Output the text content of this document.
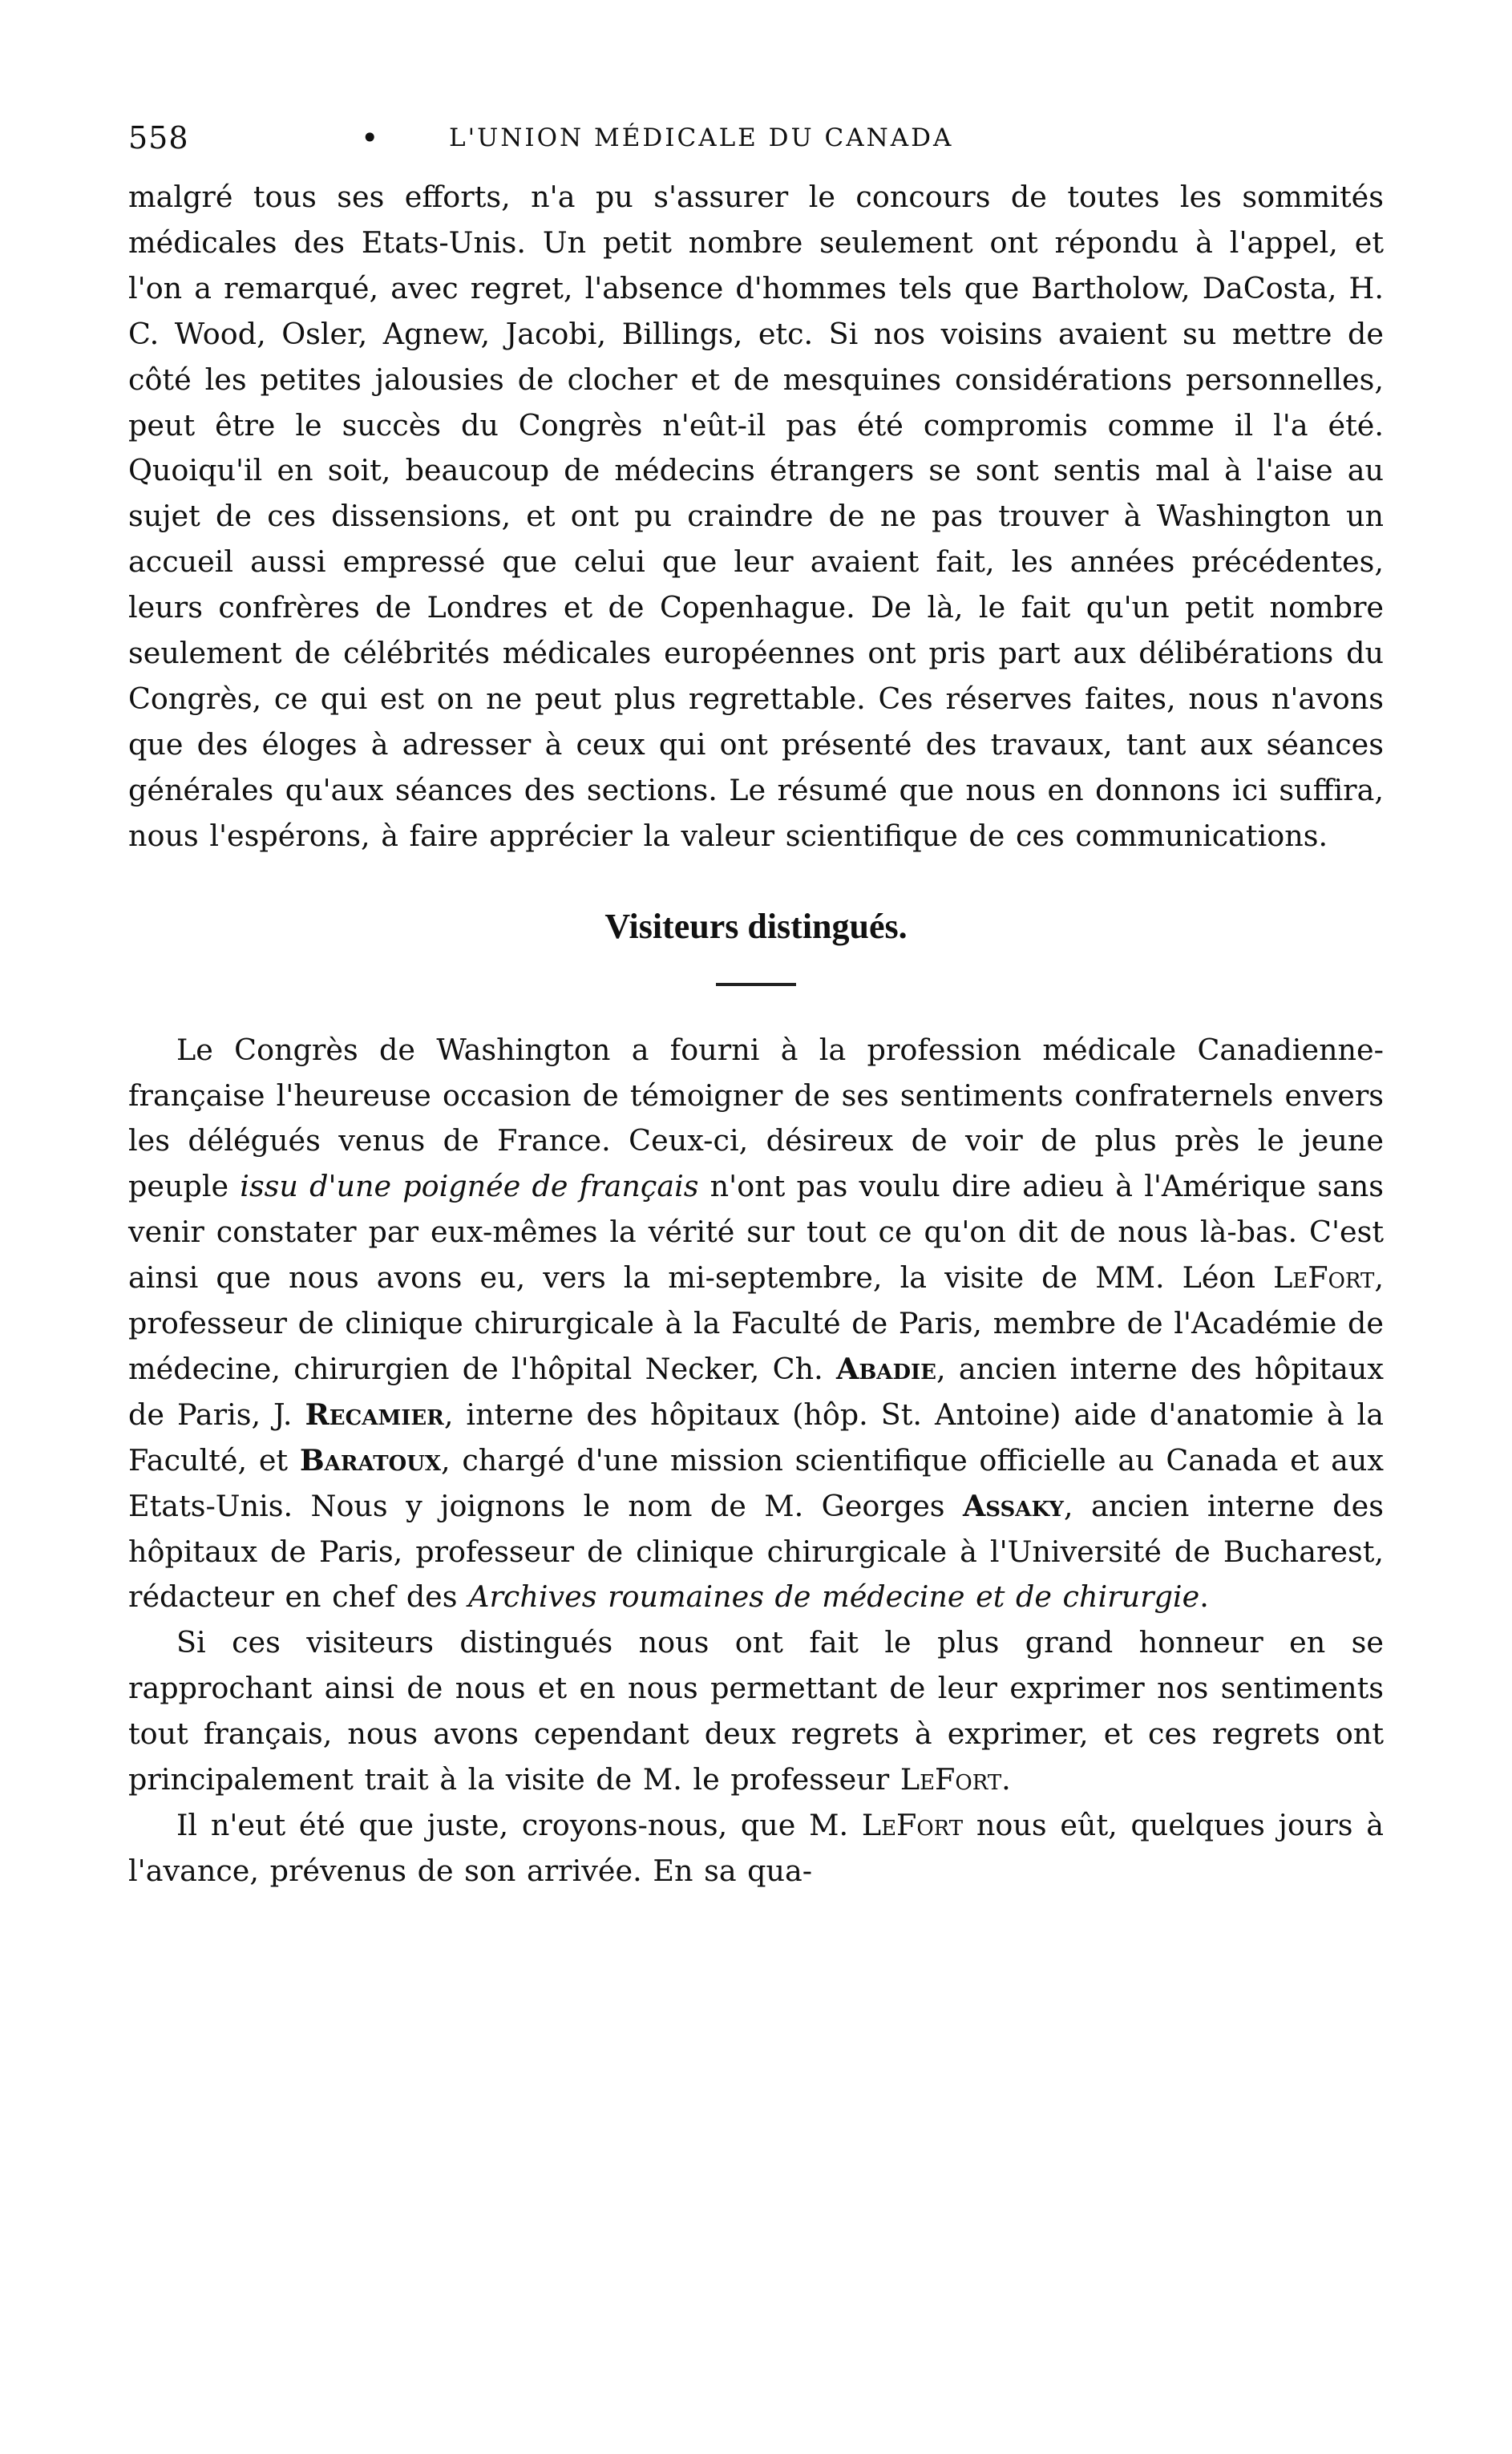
558	•	L'UNION MÉDICALE DU CANADA

malgré tous ses efforts, n'a pu s'assurer le concours de toutes les sommités médicales des Etats-Unis. Un petit nombre seulement ont répondu à l'appel, et l'on a remarqué, avec regret, l'absence d'hommes tels que Bartholow, DaCosta, H. C. Wood, Osler, Agnew, Jacobi, Billings, etc. Si nos voisins avaient su mettre de côté les petites jalousies de clocher et de mesquines considérations personnelles, peut être le succès du Congrès n'eût-il pas été compromis comme il l'a été. Quoiqu'il en soit, beaucoup de médecins étrangers se sont sentis mal à l'aise au sujet de ces dissensions, et ont pu craindre de ne pas trouver à Washington un accueil aussi empressé que celui que leur avaient fait, les années précédentes, leurs confrères de Londres et de Copenhague. De là, le fait qu'un petit nombre seulement de célébrités médicales européennes ont pris part aux délibérations du Congrès, ce qui est on ne peut plus regrettable. Ces réserves faites, nous n'avons que des éloges à adresser à ceux qui ont présenté des travaux, tant aux séances générales qu'aux séances des sections. Le résumé que nous en donnons ici suffira, nous l'espérons, à faire apprécier la valeur scientifique de ces communications.

Visiteurs distingués.

Le Congrès de Washington a fourni à la profession médicale Canadienne-française l'heureuse occasion de témoigner de ses sentiments confraternels envers les délégués venus de France. Ceux-ci, désireux de voir de plus près le jeune peuple issu d'une poignée de français n'ont pas voulu dire adieu à l'Amérique sans venir constater par eux-mêmes la vérité sur tout ce qu'on dit de nous là-bas. C'est ainsi que nous avons eu, vers la mi-septembre, la visite de MM. Léon LeFort, professeur de clinique chirurgicale à la Faculté de Paris, membre de l'Académie de médecine, chirurgien de l'hôpital Necker, Ch. Abadie, ancien interne des hôpitaux de Paris, J. Recamier, interne des hôpitaux (hôp. St. Antoine) aide d'anatomie à la Faculté, et Baratoux, chargé d'une mission scientifique officielle au Canada et aux Etats-Unis. Nous y joignons le nom de M. Georges Assaky, ancien interne des hôpitaux de Paris, professeur de clinique chirurgicale à l'Université de Bucharest, rédacteur en chef des Archives roumaines de médecine et de chirurgie.

Si ces visiteurs distingués nous ont fait le plus grand honneur en se rapprochant ainsi de nous et en nous permettant de leur exprimer nos sentiments tout français, nous avons cependant deux regrets à exprimer, et ces regrets ont principalement trait à la visite de M. le professeur LeFort.

Il n'eut été que juste, croyons-nous, que M. LeFort nous eût, quelques jours à l'avance, prévenus de son arrivée. En sa qua-
